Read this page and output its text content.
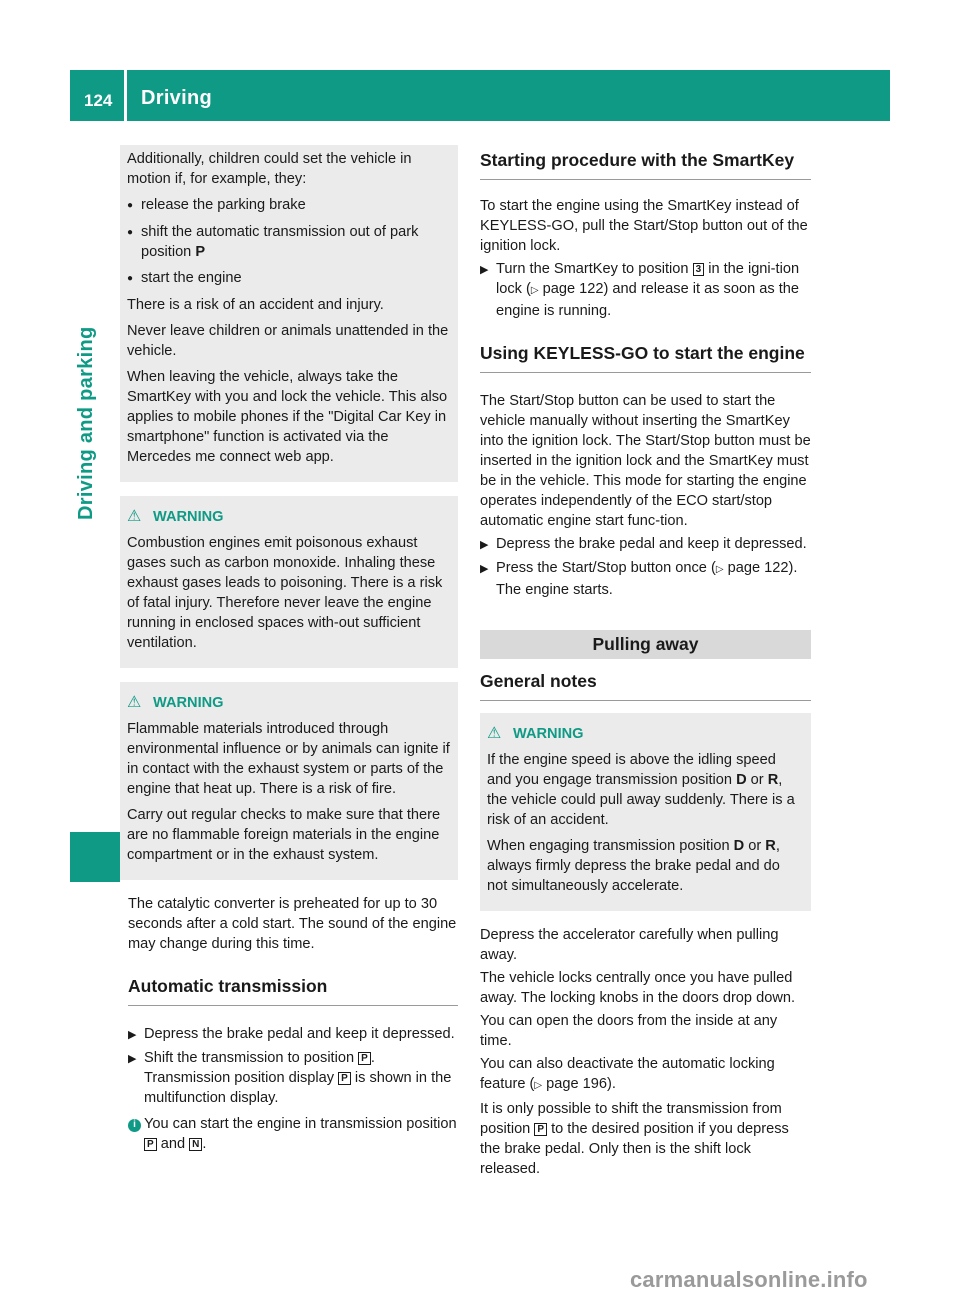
124 Driving
Driving and parking

Additionally, children could set the vehicle in motion if, for example, they:

● release the parking brake
● shift the automatic transmission out of park position P
● start the engine

There is a risk of an accident and injury.

Never leave children or animals unattended in the vehicle.

When leaving the vehicle, always take the SmartKey with you and lock the vehicle. This also applies to mobile phones if the "Digital Car Key in smartphone" function is activated via the Mercedes me connect web app.

⚠ WARNING

Combustion engines emit poisonous exhaust gases such as carbon monoxide. Inhaling these exhaust gases leads to poisoning. There is a risk of fatal injury. Therefore never leave the engine running in enclosed spaces with-out sufficient ventilation.

⚠ WARNING

Flammable materials introduced through environmental influence or by animals can ignite if in contact with the exhaust system or parts of the engine that heat up. There is a risk of fire.

Carry out regular checks to make sure that there are no flammable foreign materials in the engine compartment or in the exhaust system.

The catalytic converter is preheated for up to 30 seconds after a cold start. The sound of the engine may change during this time.

Automatic transmission
▶ Depress the brake pedal and keep it depressed.
▶ Shift the transmission to position P . Transmission position display P is shown in the multifunction display.
i You can start the engine in transmission position P and N .
Starting procedure with the SmartKey

To start the engine using the SmartKey instead of KEYLESS-GO, pull the Start/Stop button out of the ignition lock.

▶ Turn the SmartKey to position 3 in the igni-tion lock (▷ page 122) and release it as soon as the engine is running.
Using KEYLESS-GO to start the engine

The Start/Stop button can be used to start the vehicle manually without inserting the SmartKey into the ignition lock. The Start/Stop button must be inserted in the ignition lock and the SmartKey must be in the vehicle. This mode for starting the engine operates independently of the ECO start/stop automatic engine start func-tion.

▶ Depress the brake pedal and keep it depressed.
▶ Press the Start/Stop button once (▷ page 122).
The engine starts.
Pulling away
General notes
⚠ WARNING

If the engine speed is above the idling speed and you engage transmission position D or R, the vehicle could pull away suddenly. There is a risk of an accident.

When engaging transmission position D or R, always firmly depress the brake pedal and do not simultaneously accelerate.

Depress the accelerator carefully when pulling away.

The vehicle locks centrally once you have pulled away. The locking knobs in the doors drop down.

You can open the doors from the inside at any time.

You can also deactivate the automatic locking feature (▷ page 196).

It is only possible to shift the transmission from position P to the desired position if you depress the brake pedal. Only then is the shift lock released.

carmanualsonline.info
